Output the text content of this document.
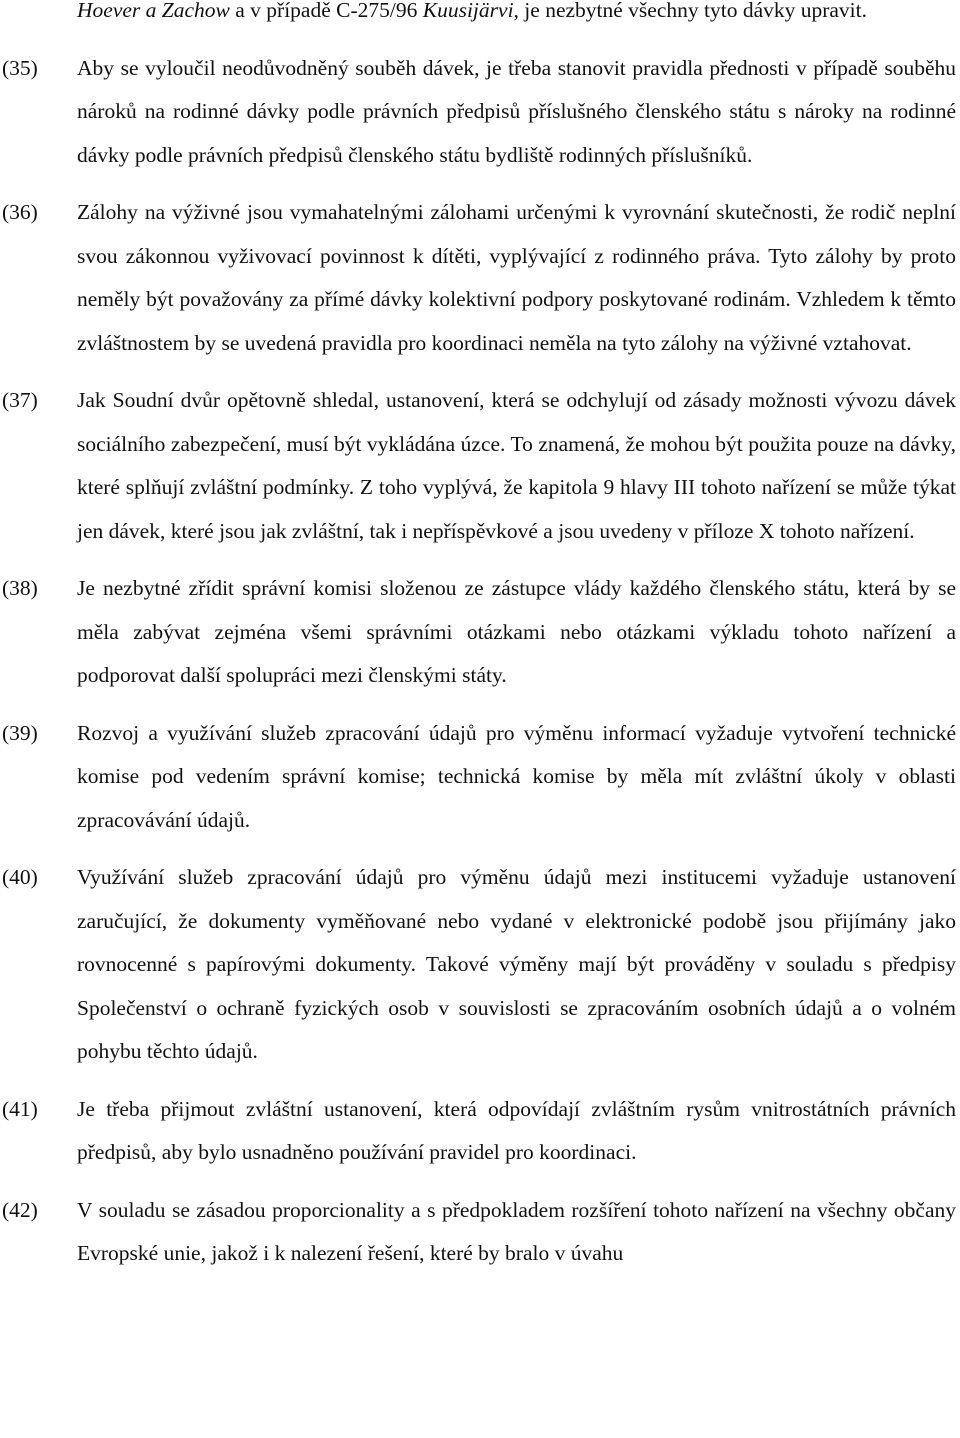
Hoever a Zachow a v případě C-275/96 Kuusijärvi, je nezbytné všechny tyto dávky upravit.

(35) Aby se vyloučil neodůvodněný souběh dávek, je třeba stanovit pravidla přednosti v případě souběhu nároků na rodinné dávky podle právních předpisů příslušného členského státu s nároky na rodinné dávky podle právních předpisů členského státu bydliště rodinných příslušníků.
(36) Zálohy na výživné jsou vymahatelnými zálohami určenými k vyrovnání skutečnosti, že rodič neplní svou zákonnou vyživovací povinnost k dítěti, vyplývající z rodinného práva. Tyto zálohy by proto neměly být považovány za přímé dávky kolektivní podpory poskytované rodinám. Vzhledem k těmto zvláštnostem by se uvedená pravidla pro koordinaci neměla na tyto zálohy na výživné vztahovat.
(37) Jak Soudní dvůr opětovně shledal, ustanovení, která se odchylují od zásady možnosti vývozu dávek sociálního zabezpečení, musí být vykládána úzce. To znamená, že mohou být použita pouze na dávky, které splňují zvláštní podmínky. Z toho vyplývá, že kapitola 9 hlavy III tohoto nařízení se může týkat jen dávek, které jsou jak zvláštní, tak i nepříspěvkové a jsou uvedeny v příloze X tohoto nařízení.
(38) Je nezbytné zřídit správní komisi složenou ze zástupce vlády každého členského státu, která by se měla zabývat zejména všemi správními otázkami nebo otázkami výkladu tohoto nařízení a podporovat další spolupráci mezi členskými státy.
(39) Rozvoj a využívání služeb zpracování údajů pro výměnu informací vyžaduje vytvoření technické komise pod vedením správní komise; technická komise by měla mít zvláštní úkoly v oblasti zpracovávání údajů.
(40) Využívání služeb zpracování údajů pro výměnu údajů mezi institucemi vyžaduje ustanovení zaručující, že dokumenty vyměňované nebo vydané v elektronické podobě jsou přijímány jako rovnocenné s papírovými dokumenty. Takové výměny mají být prováděny v souladu s předpisy Společenství o ochraně fyzických osob v souvislosti se zpracováním osobních údajů a o volném pohybu těchto údajů.
(41) Je třeba přijmout zvláštní ustanovení, která odpovídají zvláštním rysům vnitrostátních právních předpisů, aby bylo usnadněno používání pravidel pro koordinaci.
(42) V souladu se zásadou proporcionality a s předpokladem rozšíření tohoto nařízení na všechny občany Evropské unie, jakož i k nalezení řešení, které by bralo v úvahu
